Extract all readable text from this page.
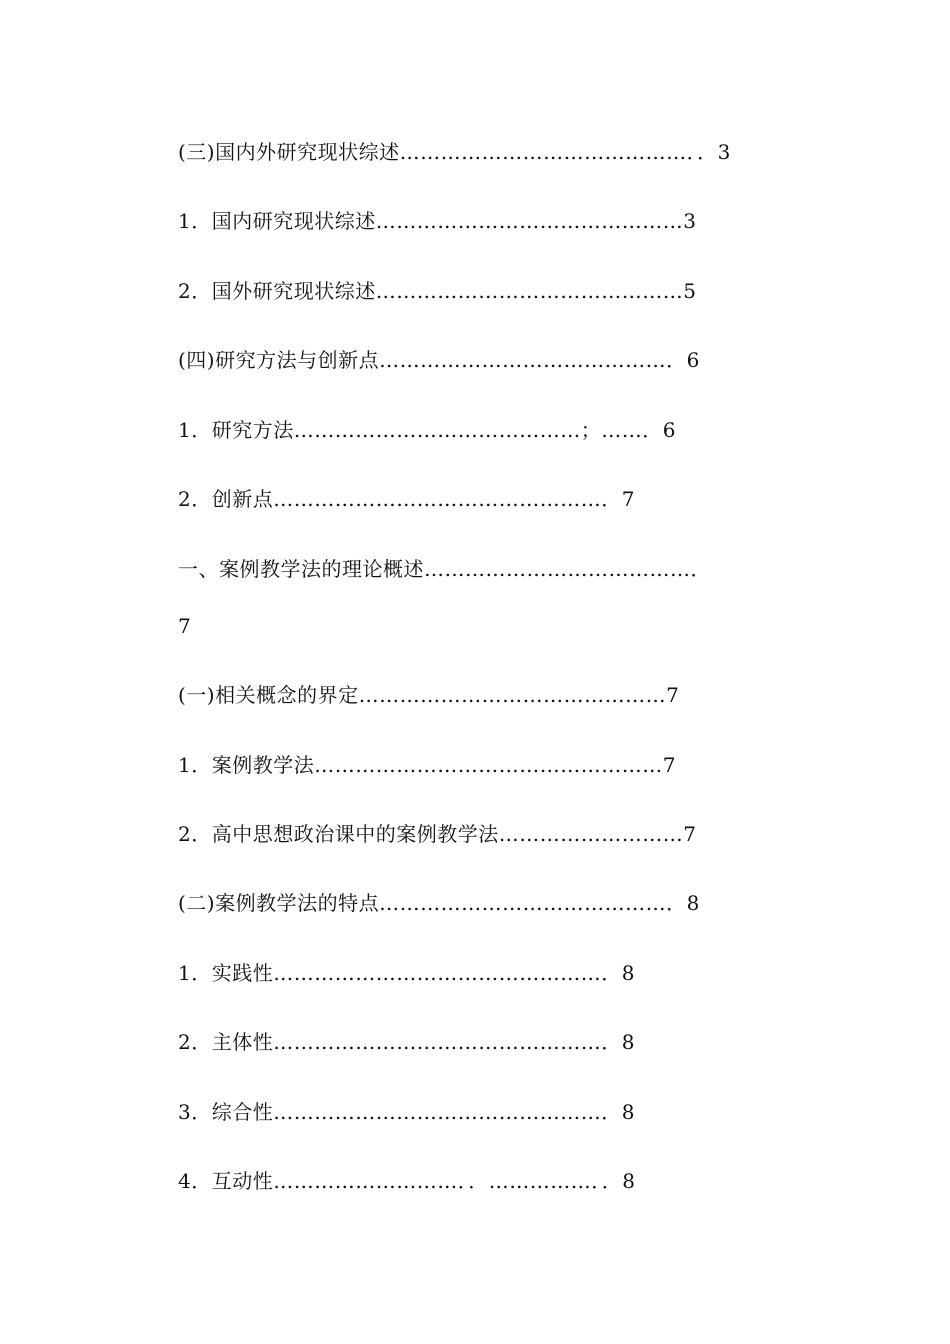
(三)国内外研究现状综述……………………………………．．3
1．国内研究现状综述………………………………………3
2．国外研究现状综述………………………………………5
(四)研究方法与创新点……………………………………．6
1．研究方法……………………………………；……．6
2．创新点…………………………………………．7
一、案例教学法的理论概述…………………………………．
7
(一)相关概念的界定………………………………………7
1．案例教学法……………………………………………7
2．高中思想政治课中的案例教学法………………………7
(二)案例教学法的特点……………………………………．8
1．实践性…………………………………………．8
2．主体性…………………………………………．8
3．综合性…………………………………………．8
4．互动性………………………．．……………．．8
